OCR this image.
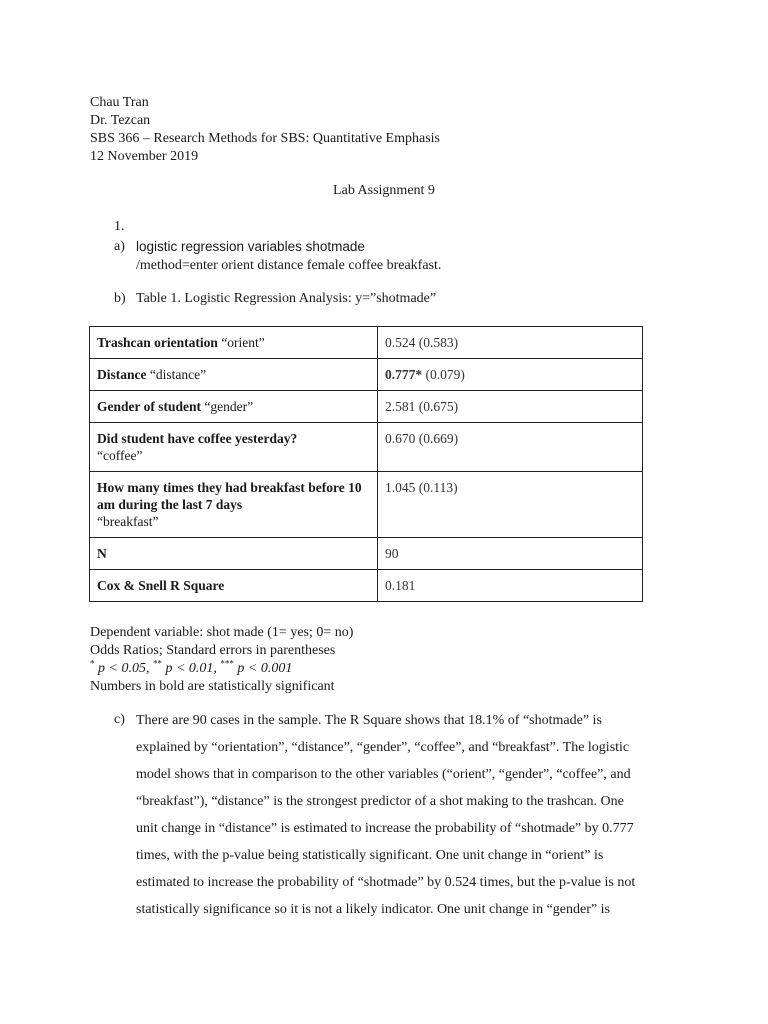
Chau Tran
Dr. Tezcan
SBS 366 – Research Methods for SBS: Quantitative Emphasis
12 November 2019
Lab Assignment 9
1.
a) logistic regression variables shotmade
/method=enter orient distance female coffee breakfast.
b) Table 1. Logistic Regression Analysis: y=”shotmade”
Trashcan orientation “orient”	0.524 (0.583)
Distance “distance”	0.777* (0.079)
Gender of student “gender”	2.581 (0.675)
Did student have coffee yesterday?
“coffee”	0.670 (0.669)
How many times they had breakfast before 10 am during the last 7 days
“breakfast”	1.045 (0.113)
N	90
Cox & Snell R Square	0.181
Dependent variable: shot made (1= yes; 0= no)
Odds Ratios; Standard errors in parentheses
* p < 0.05, ** p < 0.01, *** p < 0.001
Numbers in bold are statistically significant
c) There are 90 cases in the sample. The R Square shows that 18.1% of “shotmade” is
explained by “orientation”, “distance”, “gender”, “coffee”, and “breakfast”. The logistic
model shows that in comparison to the other variables (“orient”, “gender”, “coffee”, and
“breakfast”), “distance” is the strongest predictor of a shot making to the trashcan. One
unit change in “distance” is estimated to increase the probability of “shotmade” by 0.777
times, with the p-value being statistically significant. One unit change in “orient” is
estimated to increase the probability of “shotmade” by 0.524 times, but the p-value is not
statistically significance so it is not a likely indicator. One unit change in “gender” is
